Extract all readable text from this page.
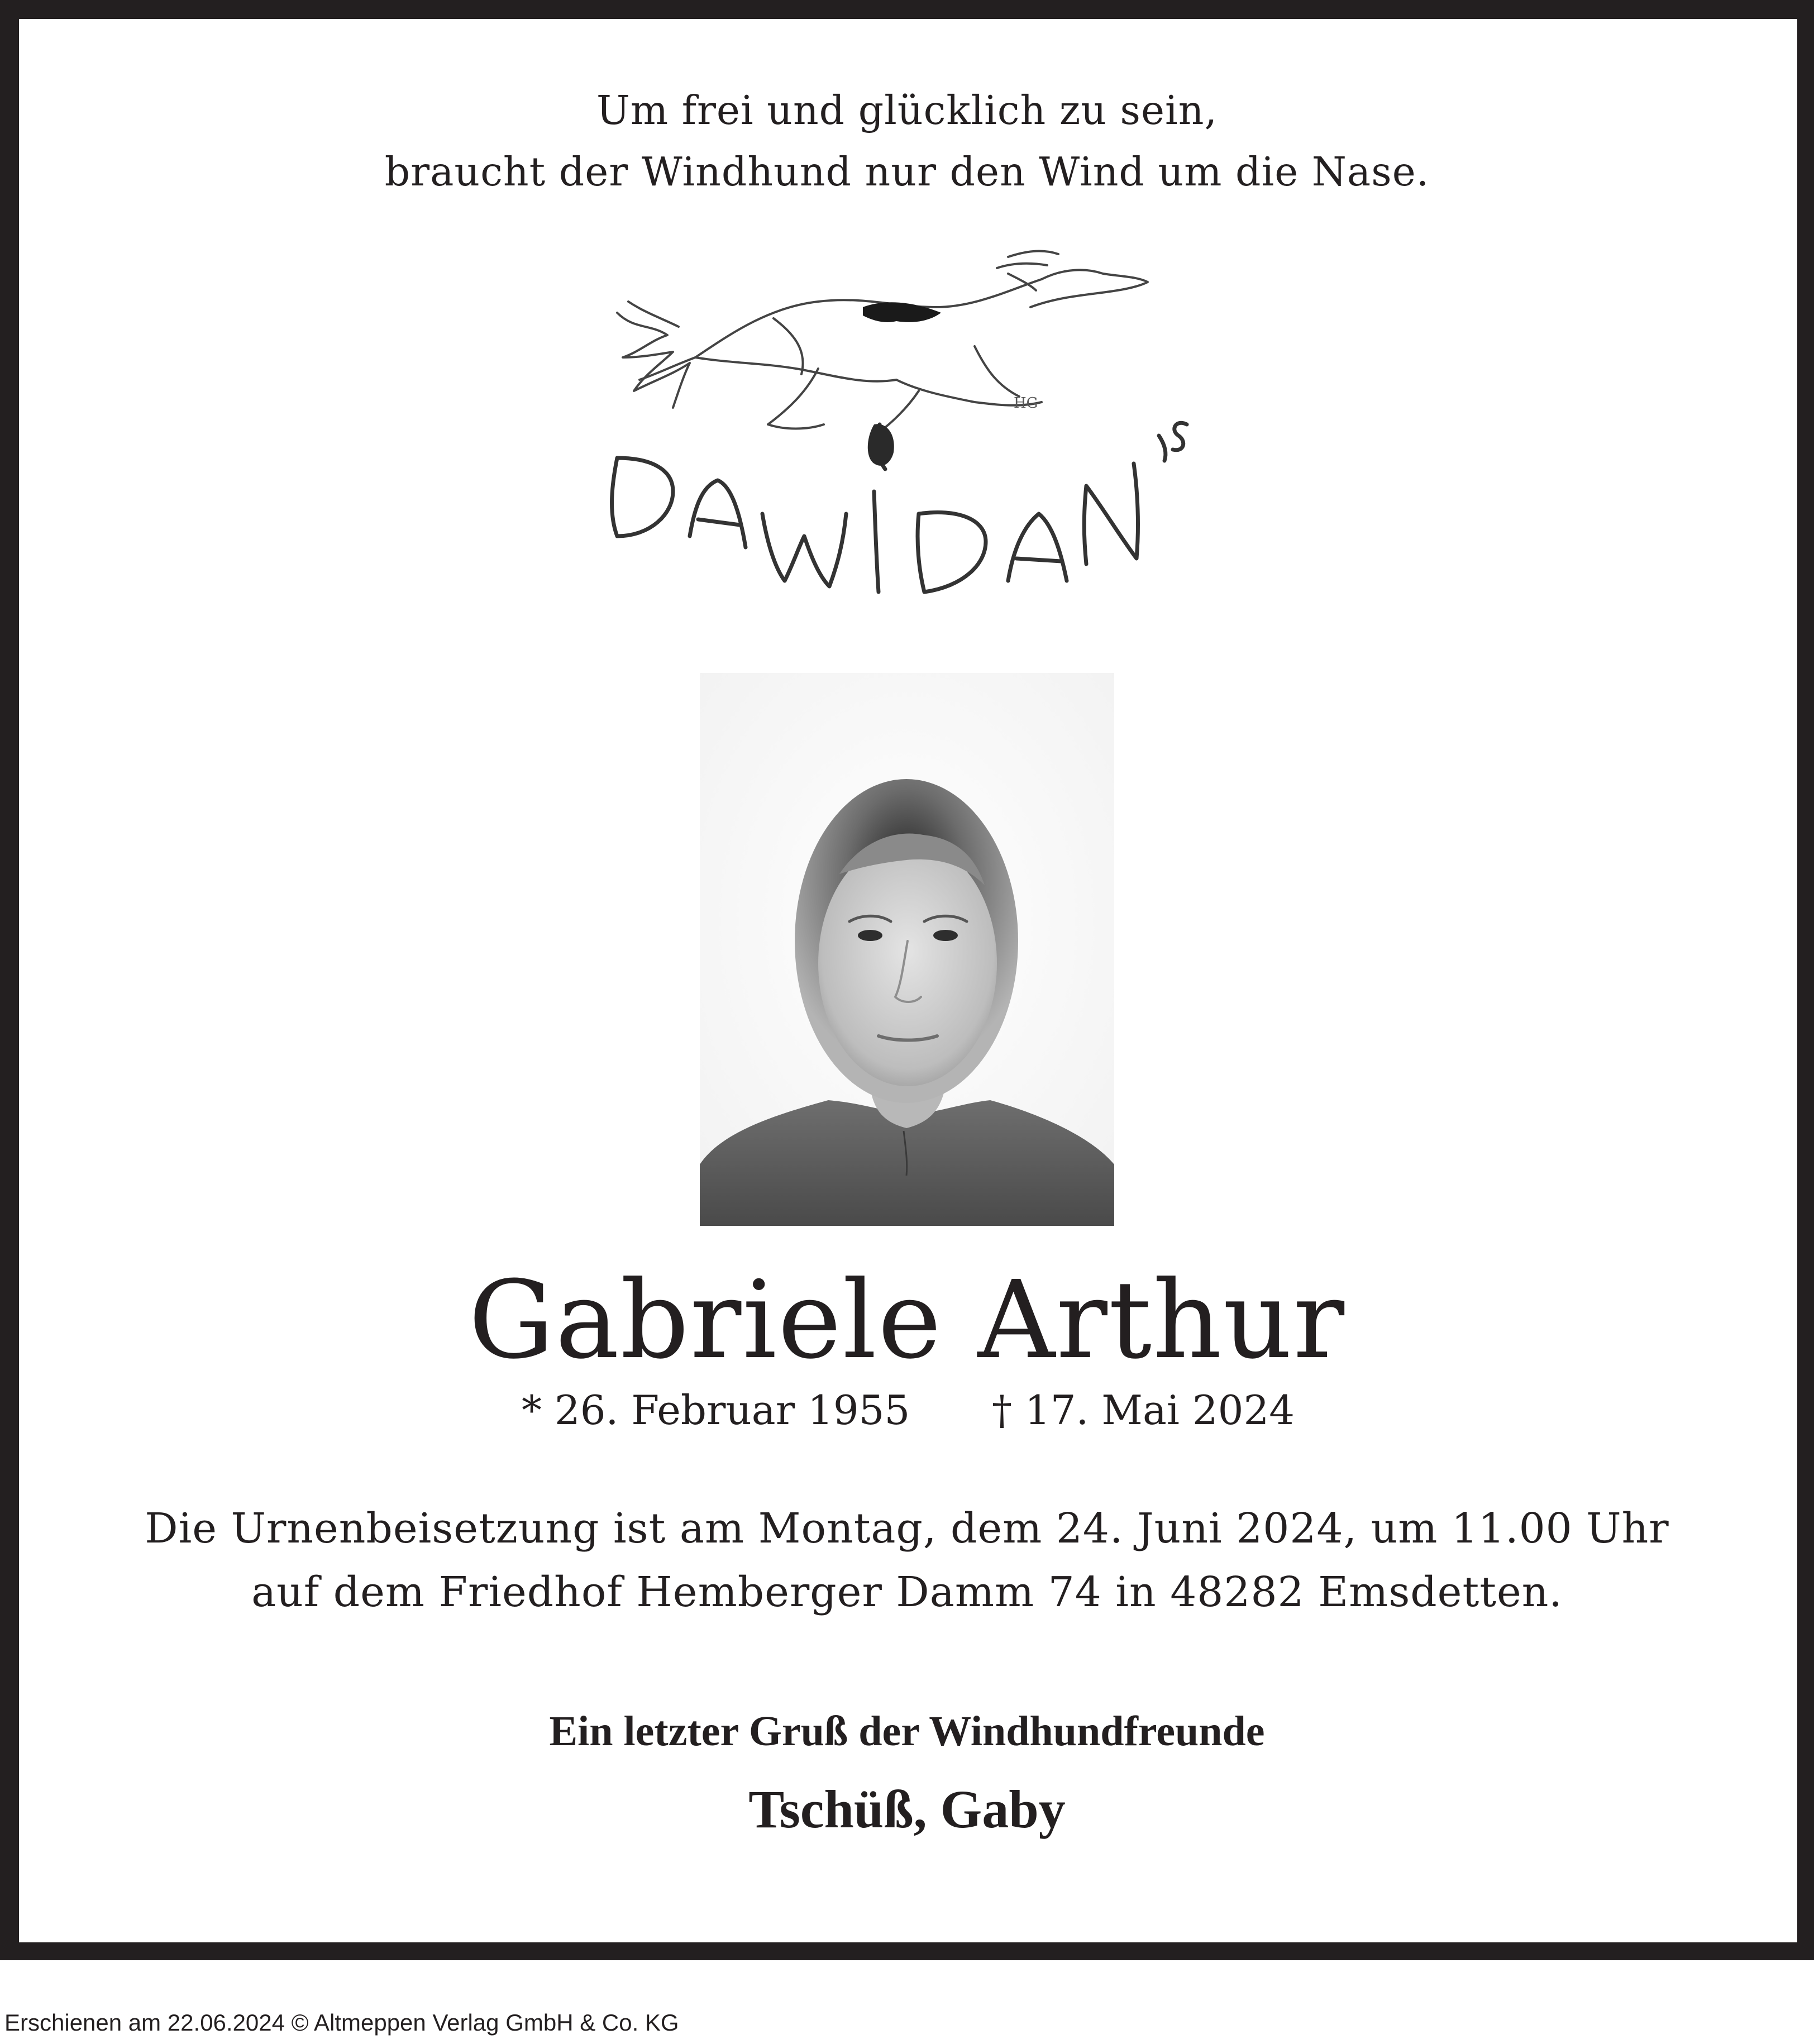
Um frei und glücklich zu sein,
braucht der Windhund nur den Wind um die Nase.
HG
Gabriele Arthur
* 26. Februar 1955 † 17. Mai 2024
Die Urnenbeisetzung ist am Montag, dem 24. Juni 2024, um 11.00 Uhr
auf dem Friedhof Hemberger Damm 74 in 48282 Emsdetten.
Ein letzter Gruß der Windhundfreunde
Tschüß, Gaby
Erschienen am 22.06.2024 © Altmeppen Verlag GmbH & Co. KG
